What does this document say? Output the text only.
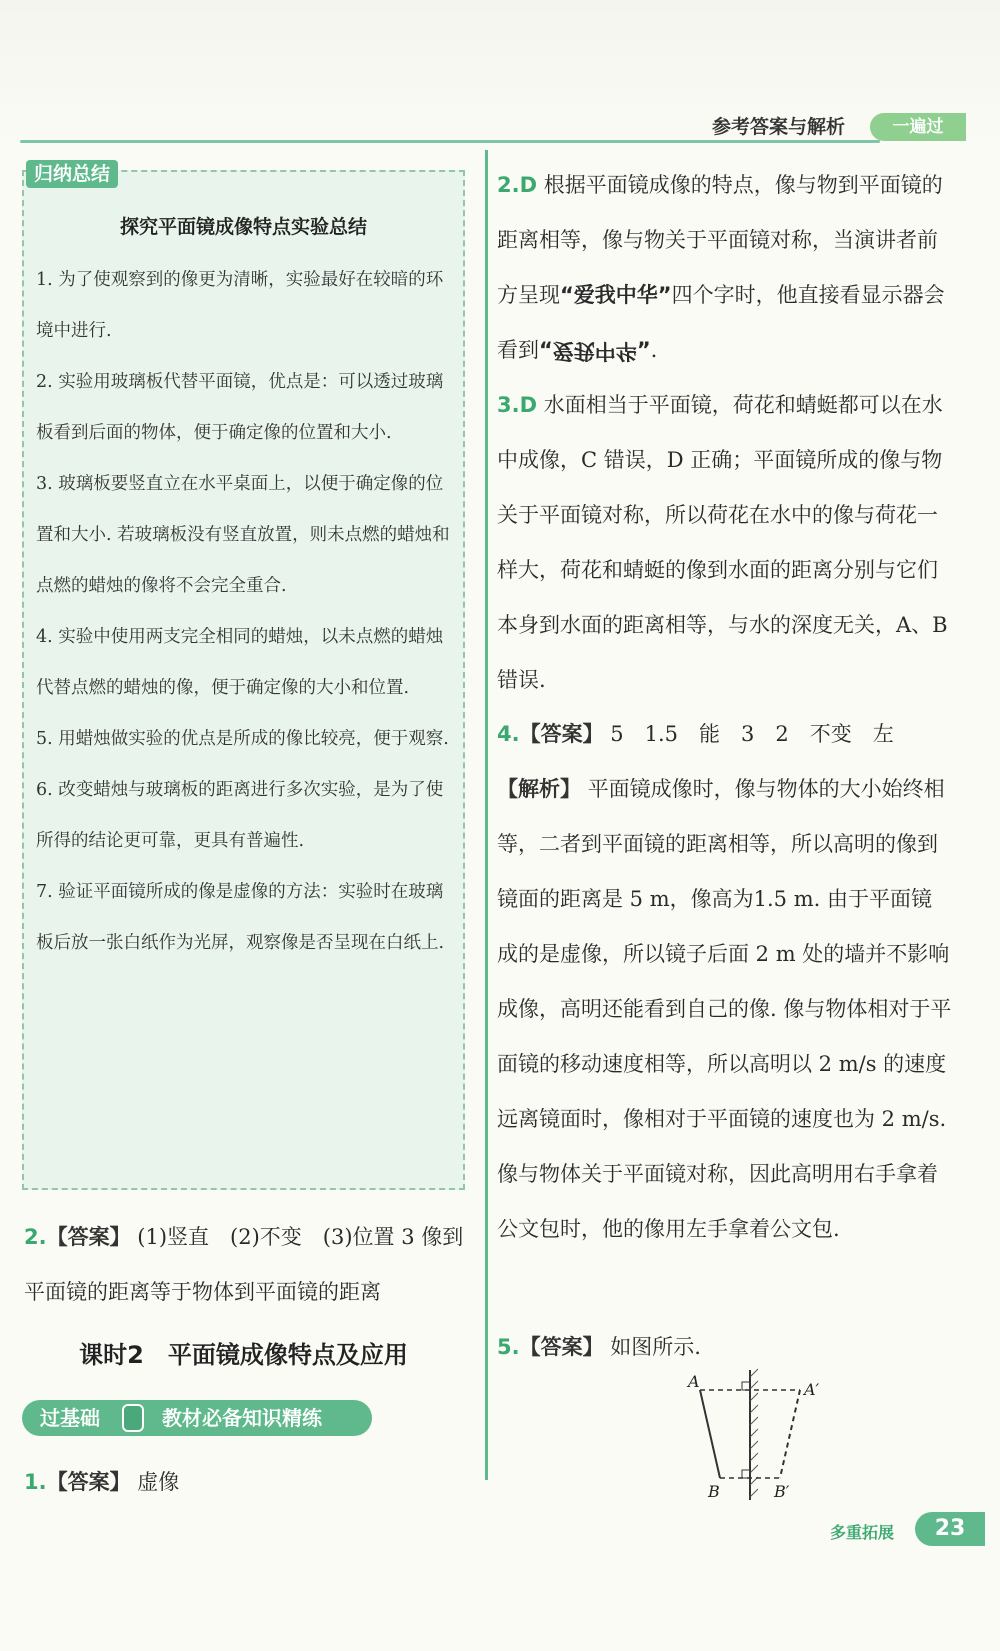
参考答案与解析	一遍过
归纳总结
探究平面镜成像特点实验总结

1. 为了使观察到的像更为清晰，实验最好在较暗的环境中进行.

2. 实验用玻璃板代替平面镜，优点是：可以透过玻璃板看到后面的物体，便于确定像的位置和大小.

3. 玻璃板要竖直立在水平桌面上，以便于确定像的位置和大小. 若玻璃板没有竖直放置，则未点燃的蜡烛和点燃的蜡烛的像将不会完全重合.

4. 实验中使用两支完全相同的蜡烛，以未点燃的蜡烛代替点燃的蜡烛的像，便于确定像的大小和位置.

5. 用蜡烛做实验的优点是所成的像比较亮，便于观察.

6. 改变蜡烛与玻璃板的距离进行多次实验，是为了使所得的结论更可靠，更具有普遍性.

7. 验证平面镜所成的像是虚像的方法：实验时在玻璃板后放一张白纸作为光屏，观察像是否呈现在白纸上.

2.【答案】 (1)竖直　(2)不变　(3)位置 3 像到平面镜的距离等于物体到平面镜的距离
课时2　平面镜成像特点及应用
过基础	教材必备知识精练
1.【答案】 虚像
2.D 根据平面镜成像的特点，像与物到平面镜的距离相等，像与物关于平面镜对称，当演讲者前方呈现“爱我中华”四个字时，他直接看显示器会看到“爱我中华”.
3.D 水面相当于平面镜，荷花和蜻蜓都可以在水中成像，C 错误，D 正确；平面镜所成的像与物关于平面镜对称，所以荷花在水中的像与荷花一样大，荷花和蜻蜓的像到水面的距离分别与它们本身到水面的距离相等，与水的深度无关，A、B 错误.
4.【答案】 5　1.5　能　3　2　不变　左
【解析】 平面镜成像时，像与物体的大小始终相等，二者到平面镜的距离相等，所以高明的像到镜面的距离是 5 m，像高为1.5 m. 由于平面镜成的是虚像，所以镜子后面 2 m 处的墙并不影响成像，高明还能看到自己的像. 像与物体相对于平面镜的移动速度相等，所以高明以 2 m/s 的速度远离镜面时，像相对于平面镜的速度也为 2 m/s. 像与物体关于平面镜对称，因此高明用右手拿着公文包时，他的像用左手拿着公文包.
5.【答案】 如图所示.
A	A′
B	B′
多重拓展	23
